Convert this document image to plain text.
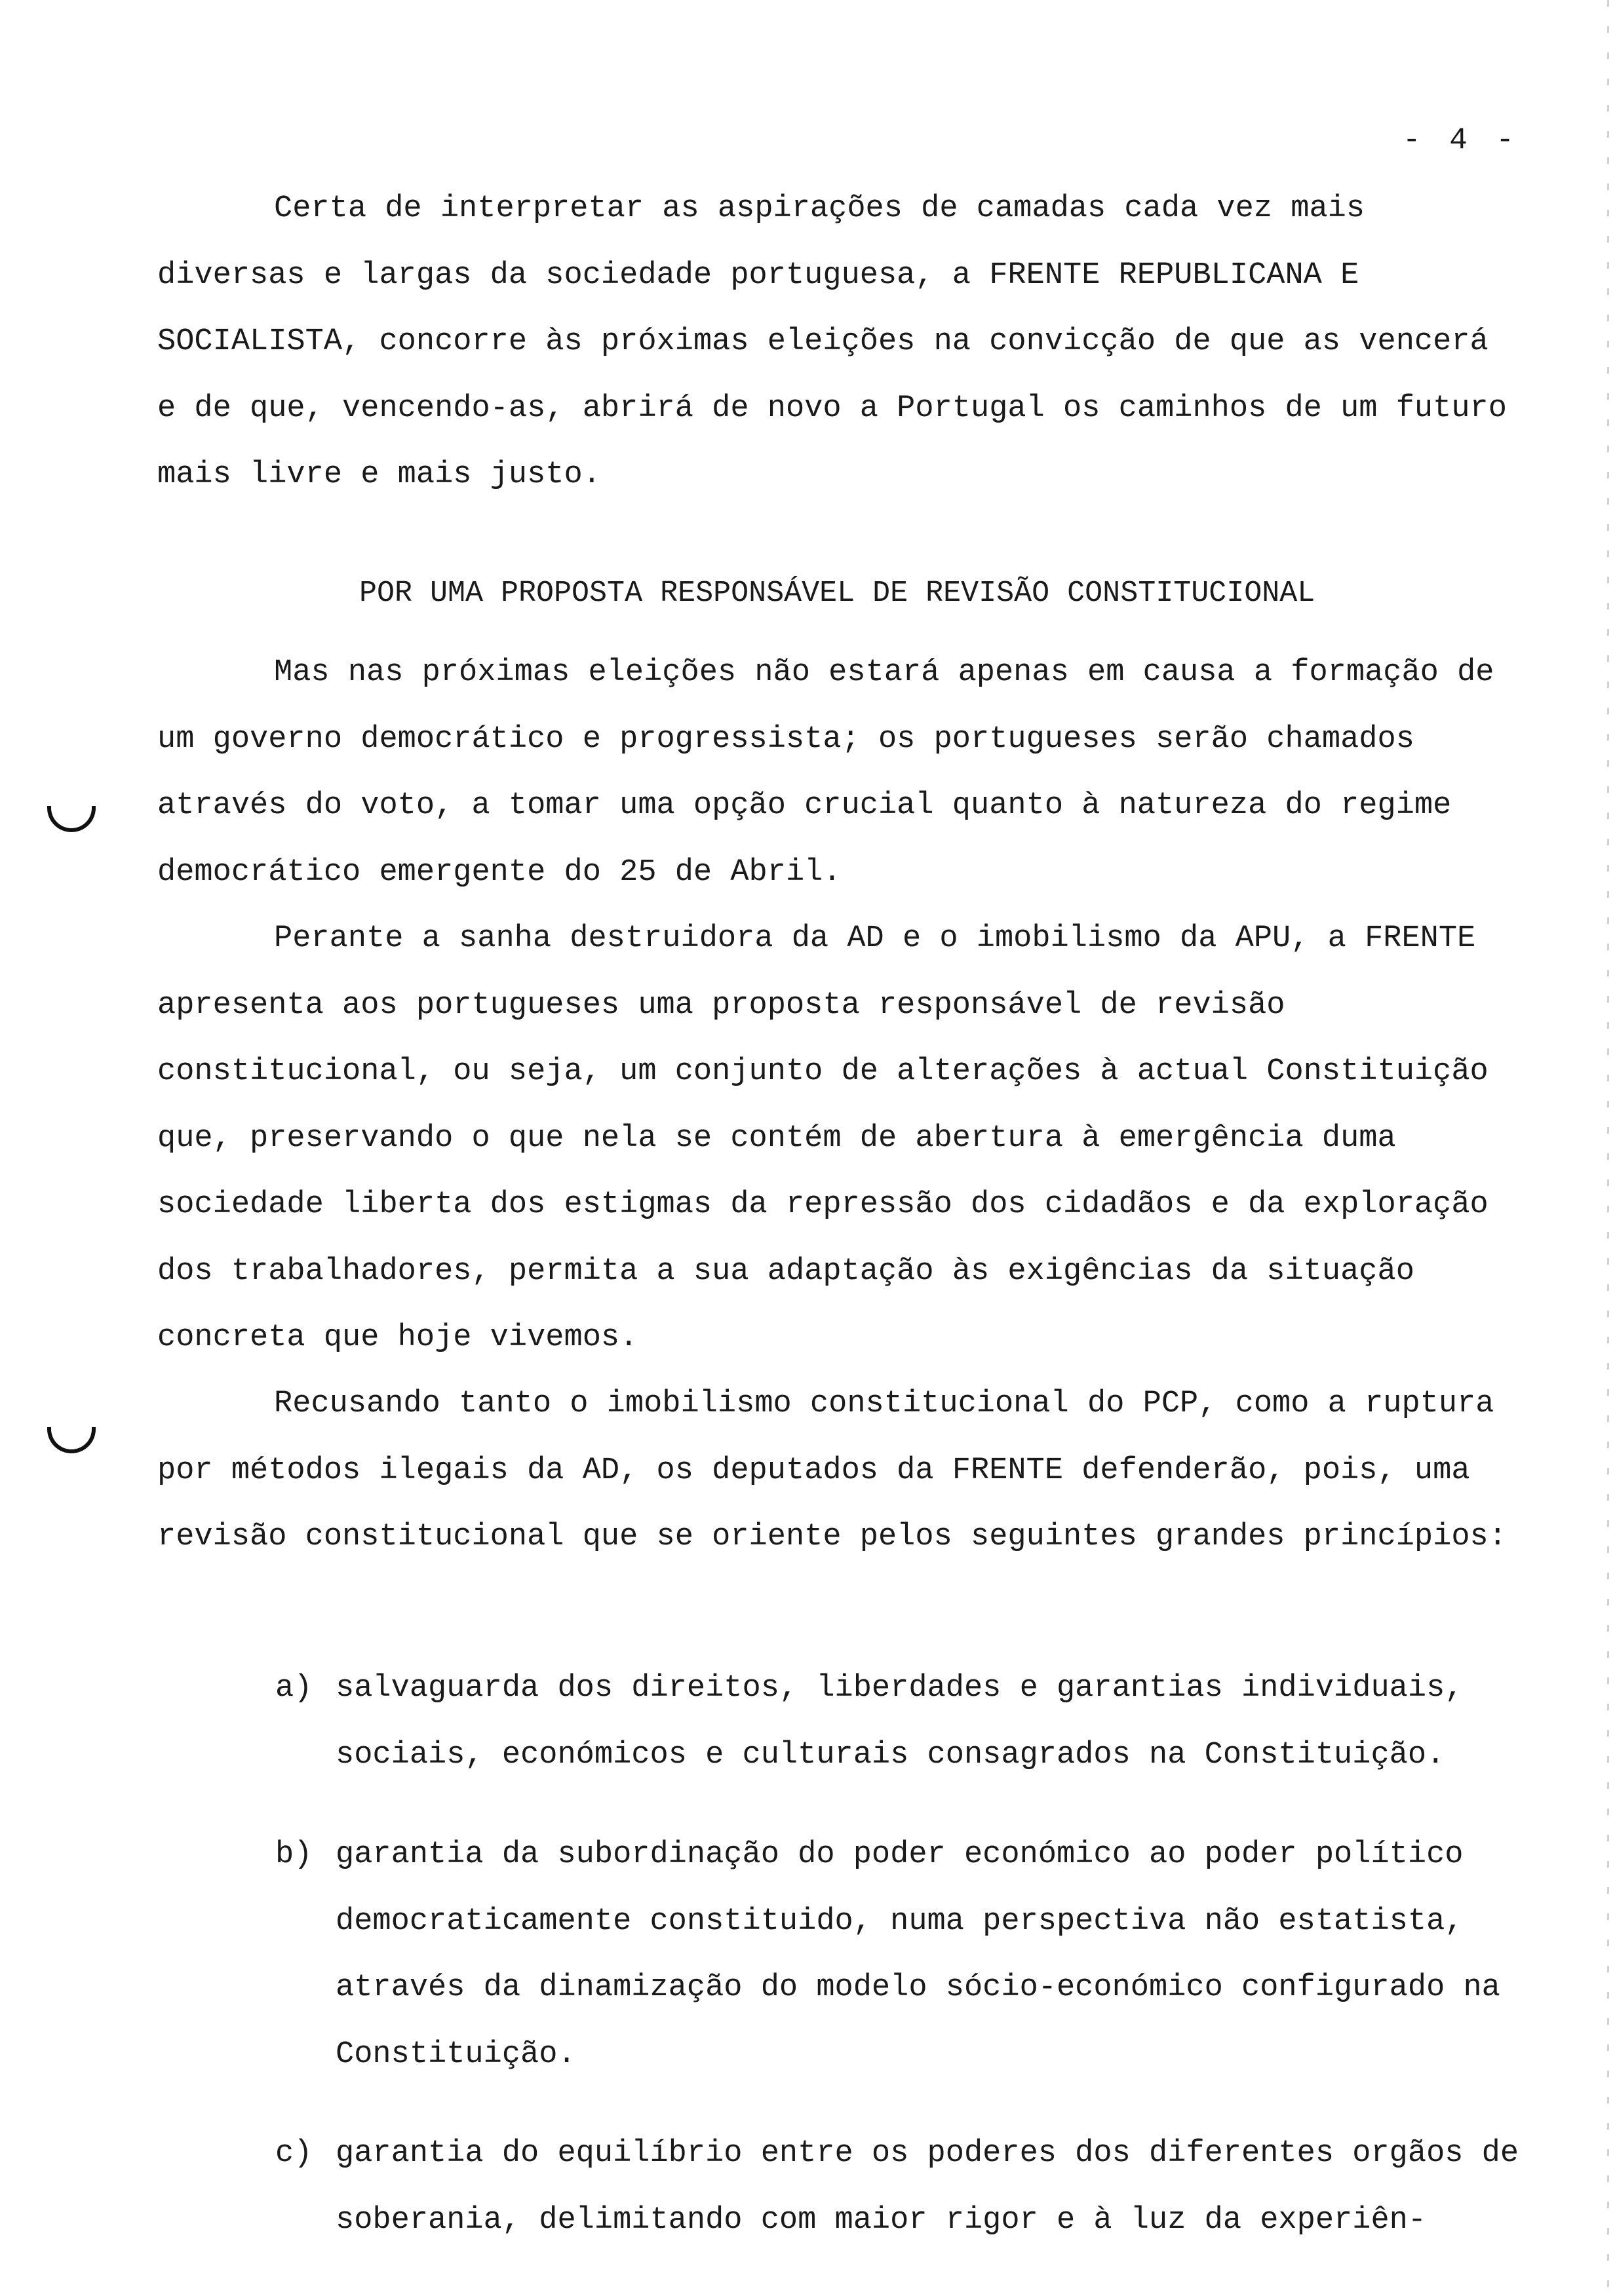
- 4 -

Certa de interpretar as aspirações de camadas cada vez mais diversas e largas da sociedade portuguesa, a FRENTE REPUBLICANA E SOCIALISTA, concorre às próximas eleições na convicção de que as vencerá e de que, vencendo-as, abrirá de novo a Portugal os caminhos de um futuro mais livre e mais justo.

POR UMA PROPOSTA RESPONSÁVEL DE REVISÃO CONSTITUCIONAL

Mas nas próximas eleições não estará apenas em causa a formação de um governo democrático e progressista; os portugueses serão chamados através do voto, a tomar uma opção crucial quanto à natureza do regime democrático emergente do 25 de Abril.

Perante a sanha destruidora da AD e o imobilismo da APU, a FRENTE apresenta aos portugueses uma proposta responsável de revisão constitucional, ou seja, um conjunto de alterações à actual Constituição que, preservando o que nela se contém de abertura à emergência duma sociedade liberta dos estigmas da repressão dos cidadãos e da exploração dos trabalhadores, permita a sua adaptação às exigências da situação concreta que hoje vivemos.

Recusando tanto o imobilismo constitucional do PCP, como a ruptura por métodos ilegais da AD, os deputados da FRENTE defenderão, pois, uma revisão constitucional que se oriente pelos seguintes grandes princípios:

a) salvaguarda dos direitos, liberdades e garantias individuais, sociais, económicos e culturais consagrados na Constituição.
b) garantia da subordinação do poder económico ao poder político democraticamente constituido, numa perspectiva não estatista, através da dinamização do modelo sócio-económico configurado na Constituição.
c) garantia do equilíbrio entre os poderes dos diferentes orgãos de soberania, delimitando com maior rigor e à luz da experiên-
